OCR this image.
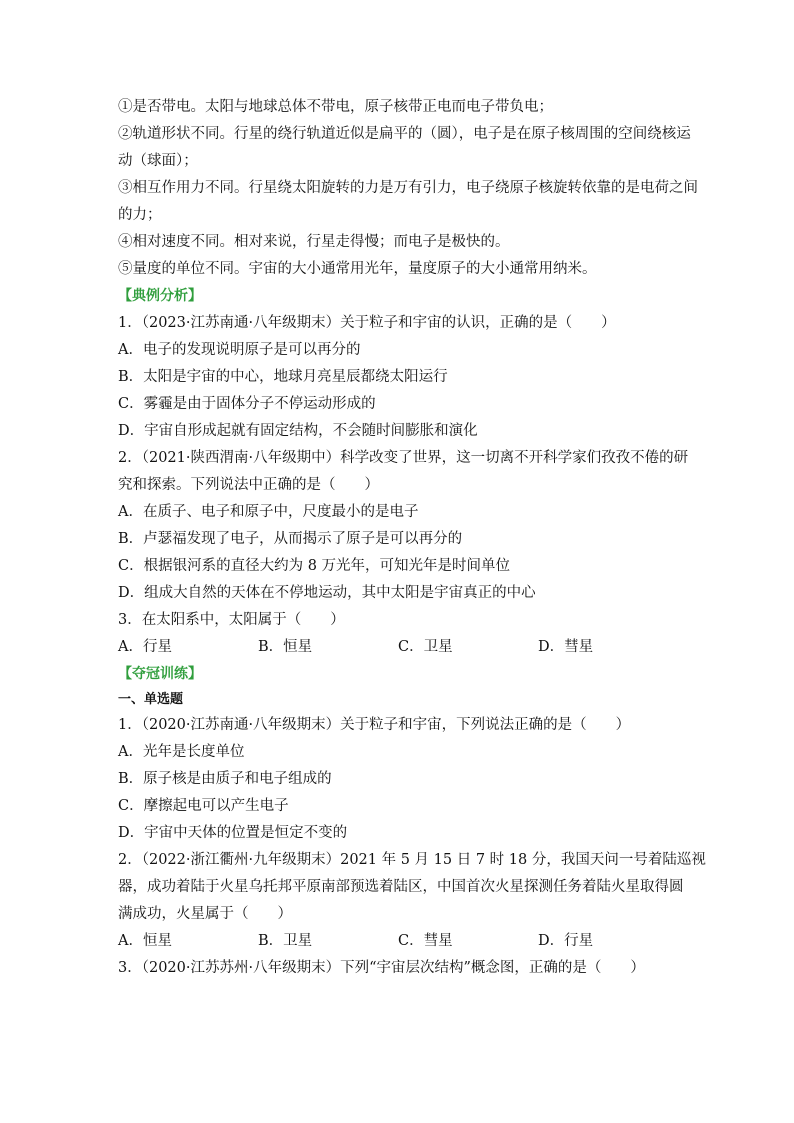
①是否带电。太阳与地球总体不带电，原子核带正电而电子带负电；
②轨道形状不同。行星的绕行轨道近似是扁平的（圆），电子是在原子核周围的空间绕核运
动（球面）；
③相互作用力不同。行星绕太阳旋转的力是万有引力，电子绕原子核旋转依靠的是电荷之间
的力；
④相对速度不同。相对来说，行星走得慢；而电子是极快的。
⑤量度的单位不同。宇宙的大小通常用光年，量度原子的大小通常用纳米。
【典例分析】
1．（2023·江苏南通·八年级期末）关于粒子和宇宙的认识，正确的是（　　）
A．电子的发现说明原子是可以再分的
B．太阳是宇宙的中心，地球月亮星辰都绕太阳运行
C．雾霾是由于固体分子不停运动形成的
D．宇宙自形成起就有固定结构，不会随时间膨胀和演化
2．（2021·陕西渭南·八年级期中）科学改变了世界，这一切离不开科学家们孜孜不倦的研
究和探索。下列说法中正确的是（　　）
A．在质子、电子和原子中，尺度最小的是电子
B．卢瑟福发现了电子，从而揭示了原子是可以再分的
C．根据银河系的直径大约为 8 万光年，可知光年是时间单位
D．组成大自然的天体在不停地运动，其中太阳是宇宙真正的中心
3．在太阳系中，太阳属于（　　）
A．行星	B．恒星	C．卫星	D．彗星
【夺冠训练】
一、单选题
1．（2020·江苏南通·八年级期末）关于粒子和宇宙，下列说法正确的是（　　）
A．光年是长度单位
B．原子核是由质子和电子组成的
C．摩擦起电可以产生电子
D．宇宙中天体的位置是恒定不变的
2．（2022·浙江衢州·九年级期末）2021 年 5 月 15 日 7 时 18 分，我国天问一号着陆巡视
器，成功着陆于火星乌托邦平原南部预选着陆区，中国首次火星探测任务着陆火星取得圆
满成功，火星属于（　　）
A．恒星	B．卫星	C．彗星	D．行星
3．（2020·江苏苏州·八年级期末）下列“宇宙层次结构”概念图，正确的是（　　）
